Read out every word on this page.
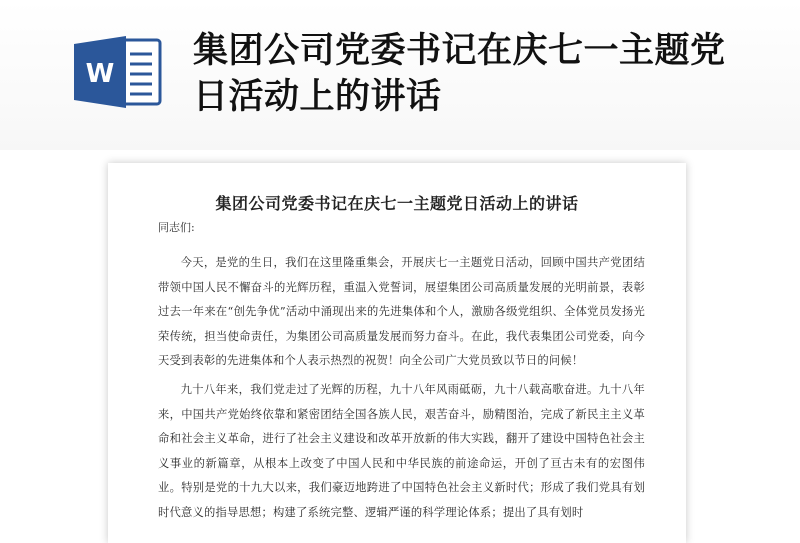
W
集团公司党委书记在庆七一主题党日活动上的讲话
集团公司党委书记在庆七一主题党日活动上的讲话
同志们:

今天，是党的生日，我们在这里隆重集会，开展庆七一主题党日活动，回顾中国共产党团结带领中国人民不懈奋斗的光辉历程，重温入党誓词，展望集团公司高质量发展的光明前景，表彰过去一年来在“创先争优”活动中涌现出来的先进集体和个人，激励各级党组织、全体党员发扬光荣传统，担当使命责任，为集团公司高质量发展而努力奋斗。在此，我代表集团公司党委，向今天受到表彰的先进集体和个人表示热烈的祝贺！向全公司广大党员致以节日的问候！

九十八年来，我们党走过了光辉的历程，九十八年风雨砥砺，九十八载高歌奋进。九十八年来，中国共产党始终依靠和紧密团结全国各族人民，艰苦奋斗，励精图治，完成了新民主主义革命和社会主义革命，进行了社会主义建设和改革开放新的伟大实践，翻开了建设中国特色社会主义事业的新篇章，从根本上改变了中国人民和中华民族的前途命运，开创了亘古未有的宏图伟业。特别是党的十九大以来，我们豪迈地跨进了中国特色社会主义新时代；形成了我们党具有划时代意义的指导思想；构建了系统完整、逻辑严谨的科学理论体系；提出了具有划时
